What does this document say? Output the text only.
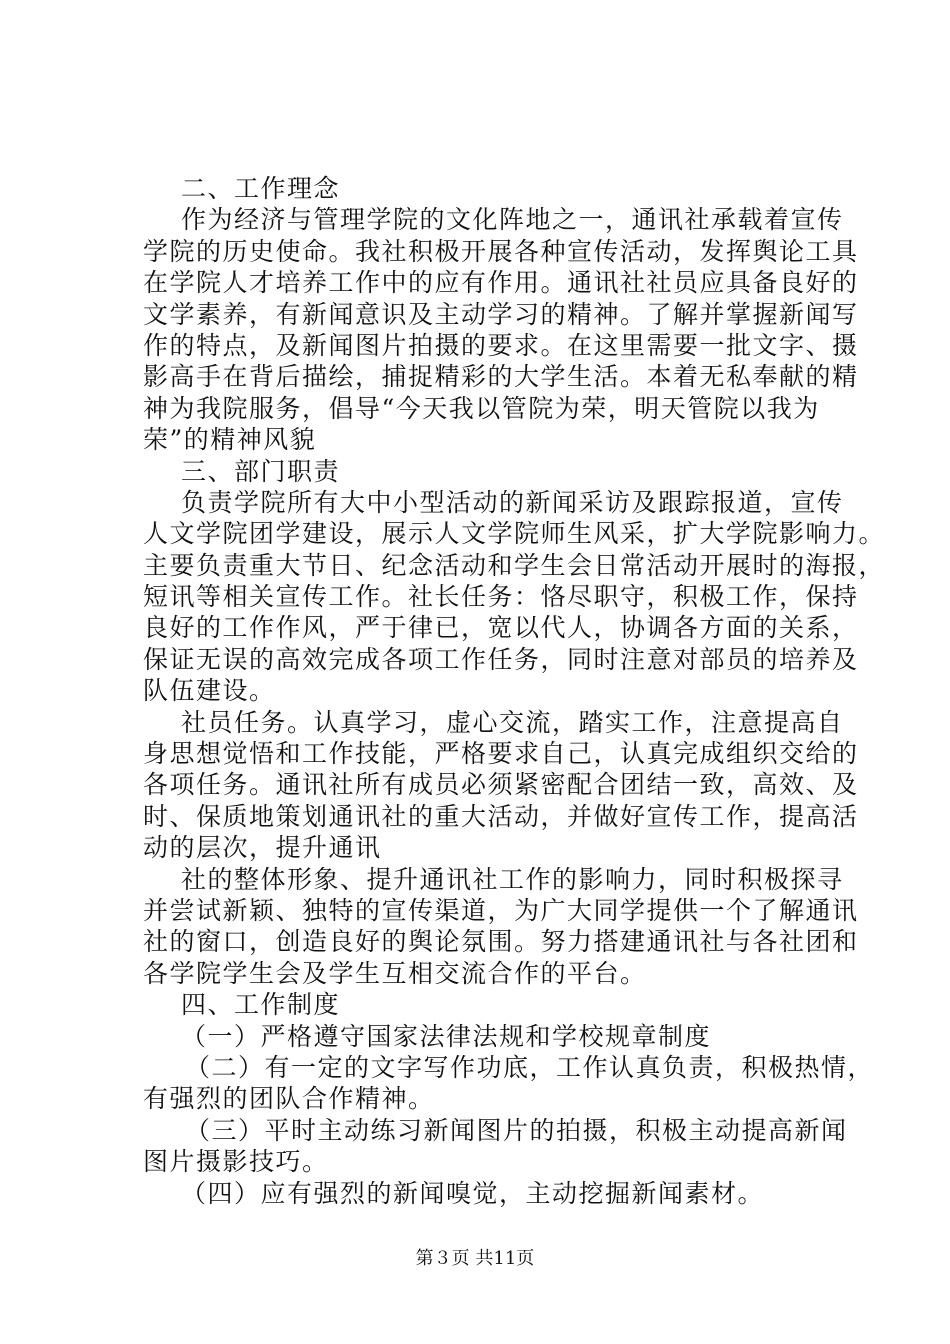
二、工作理念
作为经济与管理学院的文化阵地之一，通讯社承载着宣传
学院的历史使命。我社积极开展各种宣传活动，发挥舆论工具
在学院人才培养工作中的应有作用。通讯社社员应具备良好的
文学素养，有新闻意识及主动学习的精神。了解并掌握新闻写
作的特点，及新闻图片拍摄的要求。在这里需要一批文字、摄
影高手在背后描绘，捕捉精彩的大学生活。本着无私奉献的精
神为我院服务，倡导“今天我以管院为荣，明天管院以我为
荣”的精神风貌
三、部门职责
负责学院所有大中小型活动的新闻采访及跟踪报道，宣传
人文学院团学建设，展示人文学院师生风采，扩大学院影响力。
主要负责重大节日、纪念活动和学生会日常活动开展时的海报，
短讯等相关宣传工作。社长任务：恪尽职守，积极工作，保持
良好的工作作风，严于律已，宽以代人，协调各方面的关系，
保证无误的高效完成各项工作任务，同时注意对部员的培养及
队伍建设。
社员任务。认真学习，虚心交流，踏实工作，注意提高自
身思想觉悟和工作技能，严格要求自己，认真完成组织交给的
各项任务。通讯社所有成员必须紧密配合团结一致，高效、及
时、保质地策划通讯社的重大活动，并做好宣传工作，提高活
动的层次，提升通讯
社的整体形象、提升通讯社工作的影响力，同时积极探寻
并尝试新颖、独特的宣传渠道，为广大同学提供一个了解通讯
社的窗口，创造良好的舆论氛围。努力搭建通讯社与各社团和
各学院学生会及学生互相交流合作的平台。
四、工作制度
（一）严格遵守国家法律法规和学校规章制度
（二）有一定的文字写作功底，工作认真负责，积极热情，
有强烈的团队合作精神。
（三）平时主动练习新闻图片的拍摄，积极主动提高新闻
图片摄影技巧。
（四）应有强烈的新闻嗅觉，主动挖掘新闻素材。
第３页 共11页
